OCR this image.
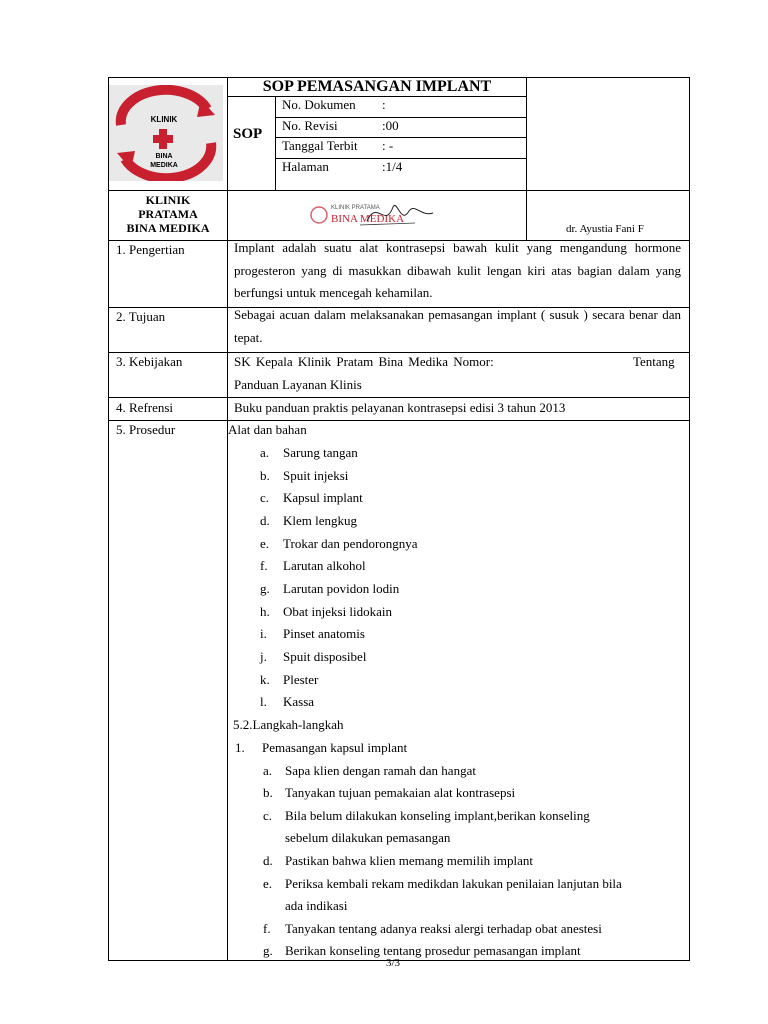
KLINIK
BINA
MEDIKA
SOP PEMASANGAN IMPLANT
SOP
No. Dokumen :
No. Revisi	:00
Tanggal Terbit : -
Halaman	:1/4
KLINIK
PRATAMA
BINA MEDIKA
KLINIK PRATAMA
BINA MEDIKA
dr. Ayustia Fani F
1. Pengertian	Implant adalah suatu alat kontrasepsi bawah kulit yang mengandung hormone progesteron yang di masukkan dibawah kulit lengan kiri atas bagian dalam yang berfungsi untuk mencegah kehamilan.
2. Tujuan	Sebagai acuan dalam melaksanakan pemasangan implant ( susuk ) secara benar dan tepat.
3. Kebijakan	SK Kepala Klinik Pratam Bina Medika Nomor:	Tentang
Panduan Layanan Klinis
4. Refrensi	Buku panduan praktis pelayanan kontrasepsi edisi 3 tahun 2013
5. Prosedur	Alat dan bahan
a. Sarung tangan
b. Spuit injeksi
c. Kapsul implant
d. Klem lengkug
e. Trokar dan pendorongnya
f. Larutan alkohol
g. Larutan povidon lodin
h. Obat injeksi lidokain
i. Pinset anatomis
j. Spuit disposibel
k. Plester
l. Kassa
5.2.Langkah-langkah
1. Pemasangan kapsul implant
a. Sapa klien dengan ramah dan hangat
b. Tanyakan tujuan pemakaian alat kontrasepsi
c. Bila belum dilakukan konseling implant,berikan konseling
sebelum dilakukan pemasangan
d. Pastikan bahwa klien memang memilih implant
e. Periksa kembali rekam medikdan lakukan penilaian lanjutan bila
ada indikasi
f. Tanyakan tentang adanya reaksi alergi terhadap obat anestesi
g. Berikan konseling tentang prosedur pemasangan implant
3/3
